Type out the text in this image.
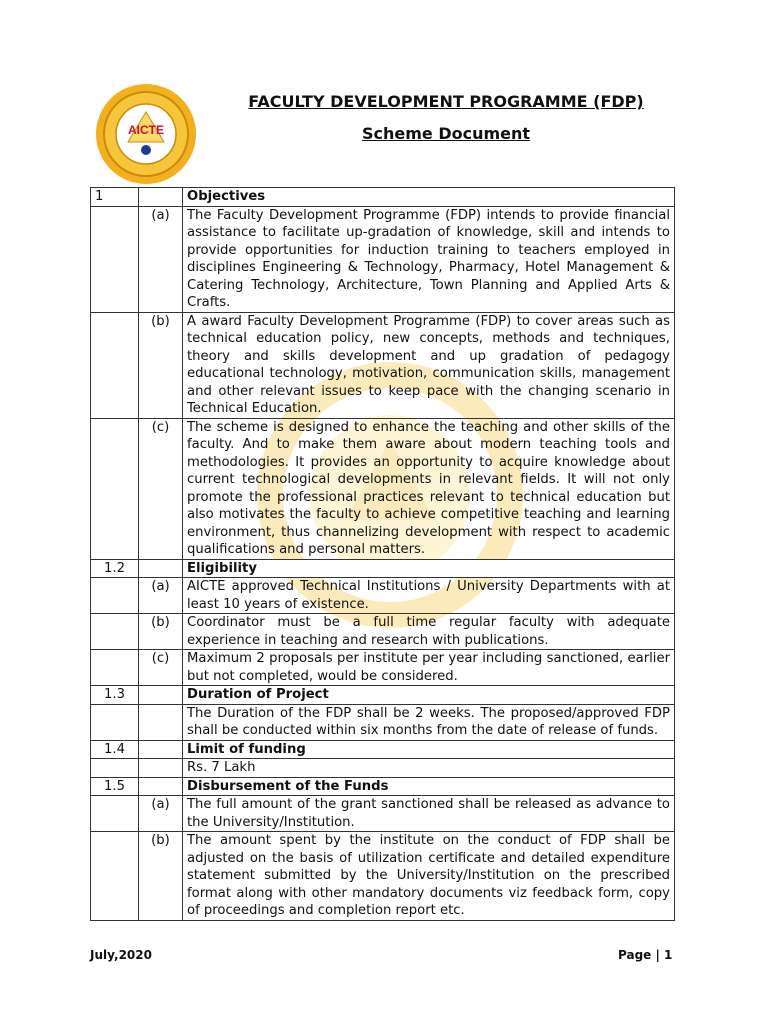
AICTE
FACULTY DEVELOPMENT PROGRAMME (FDP)
Scheme Document
1		Objectives
	(a)	The Faculty Development Programme (FDP) intends to provide financial assistance to facilitate up-gradation of knowledge, skill and intends to provide opportunities for induction training to teachers employed in disciplines Engineering & Technology, Pharmacy, Hotel Management & Catering Technology, Architecture, Town Planning and Applied Arts & Crafts.
	(b)	A award Faculty Development Programme (FDP) to cover areas such as technical education policy, new concepts, methods and techniques, theory and skills development and up gradation of pedagogy educational technology, motivation, communication skills, management and other relevant issues to keep pace with the changing scenario in Technical Education.
	(c)	The scheme is designed to enhance the teaching and other skills of the faculty. And to make them aware about modern teaching tools and methodologies. It provides an opportunity to acquire knowledge about current technological developments in relevant fields. It will not only promote the professional practices relevant to technical education but also motivates the faculty to achieve competitive teaching and learning environment, thus channelizing development with respect to academic qualifications and personal matters.
1.2		Eligibility
	(a)	AICTE approved Technical Institutions / University Departments with at least 10 years of existence.
	(b)	Coordinator must be a full time regular faculty with adequate experience in teaching and research with publications.
	(c)	Maximum 2 proposals per institute per year including sanctioned, earlier but not completed, would be considered.
1.3		Duration of Project
		The Duration of the FDP shall be 2 weeks. The proposed/approved FDP shall be conducted within six months from the date of release of funds.
1.4		Limit of funding
		Rs. 7 Lakh
1.5		Disbursement of the Funds
	(a)	The full amount of the grant sanctioned shall be released as advance to the University/Institution.
	(b)	The amount spent by the institute on the conduct of FDP shall be adjusted on the basis of utilization certificate and detailed expenditure statement submitted by the University/Institution on the prescribed format along with other mandatory documents viz feedback form, copy of proceedings and completion report etc.
July,2020	Page | 1
